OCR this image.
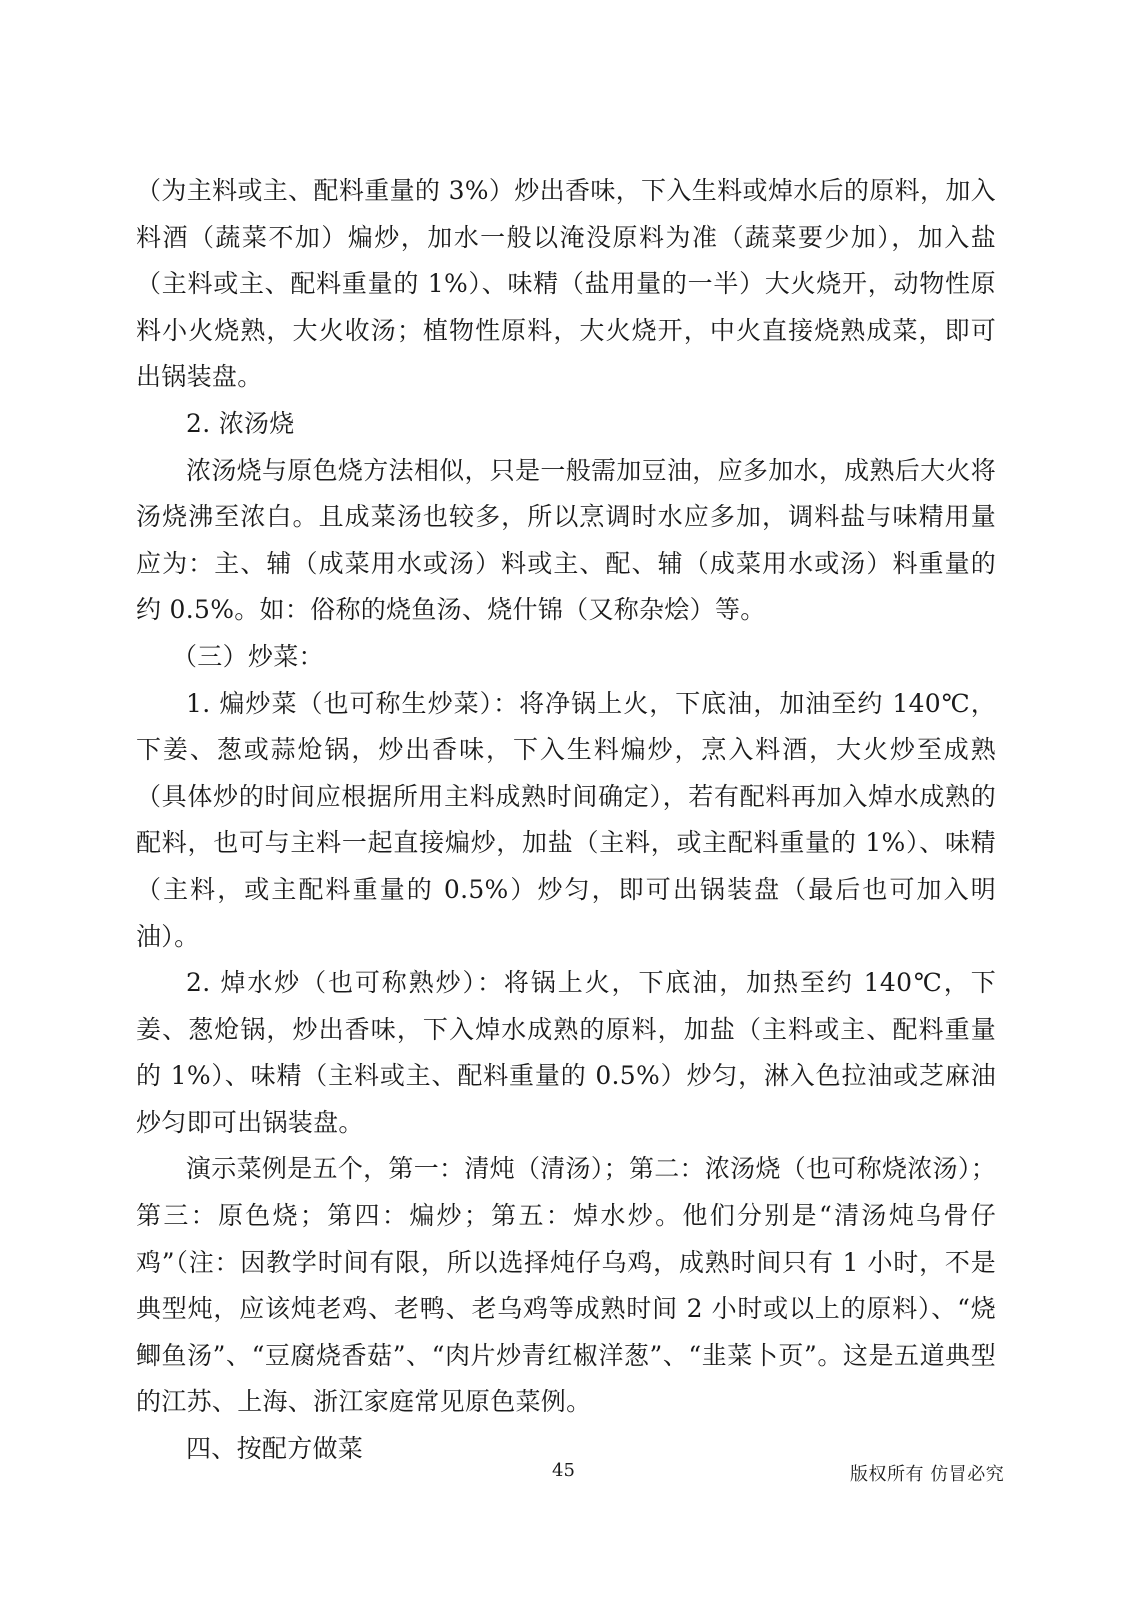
（为主料或主、配料重量的 3%）炒出香味，下入生料或焯水后的原料，加入料酒（蔬菜不加）煸炒，加水一般以淹没原料为准（蔬菜要少加），加入盐（主料或主、配料重量的 1%）、味精（盐用量的一半）大火烧开，动物性原料小火烧熟，大火收汤；植物性原料，大火烧开，中火直接烧熟成菜，即可出锅装盘。

2. 浓汤烧

浓汤烧与原色烧方法相似，只是一般需加豆油，应多加水，成熟后大火将汤烧沸至浓白。且成菜汤也较多，所以烹调时水应多加，调料盐与味精用量应为：主、辅（成菜用水或汤）料或主、配、辅（成菜用水或汤）料重量的约 0.5%。如：俗称的烧鱼汤、烧什锦（又称杂烩）等。

（三）炒菜：

1. 煸炒菜（也可称生炒菜）：将净锅上火，下底油，加油至约 140℃，下姜、葱或蒜炝锅，炒出香味，下入生料煸炒，烹入料酒，大火炒至成熟（具体炒的时间应根据所用主料成熟时间确定），若有配料再加入焯水成熟的配料，也可与主料一起直接煸炒，加盐（主料，或主配料重量的 1%）、味精（主料，或主配料重量的 0.5%）炒匀，即可出锅装盘（最后也可加入明油）。

2. 焯水炒（也可称熟炒）：将锅上火，下底油，加热至约 140℃，下姜、葱炝锅，炒出香味，下入焯水成熟的原料，加盐（主料或主、配料重量的 1%）、味精（主料或主、配料重量的 0.5%）炒匀，淋入色拉油或芝麻油炒匀即可出锅装盘。

演示菜例是五个，第一：清炖（清汤）；第二：浓汤烧（也可称烧浓汤）；第三：原色烧；第四：煸炒；第五：焯水炒。他们分别是“清汤炖乌骨仔鸡”（注：因教学时间有限，所以选择炖仔乌鸡，成熟时间只有 1 小时，不是典型炖，应该炖老鸡、老鸭、老乌鸡等成熟时间 2 小时或以上的原料）、“烧鲫鱼汤”、“豆腐烧香菇”、“肉片炒青红椒洋葱”、“韭菜卜页”。这是五道典型的江苏、上海、浙江家庭常见原色菜例。

四、按配方做菜

45	版权所有 仿冒必究
